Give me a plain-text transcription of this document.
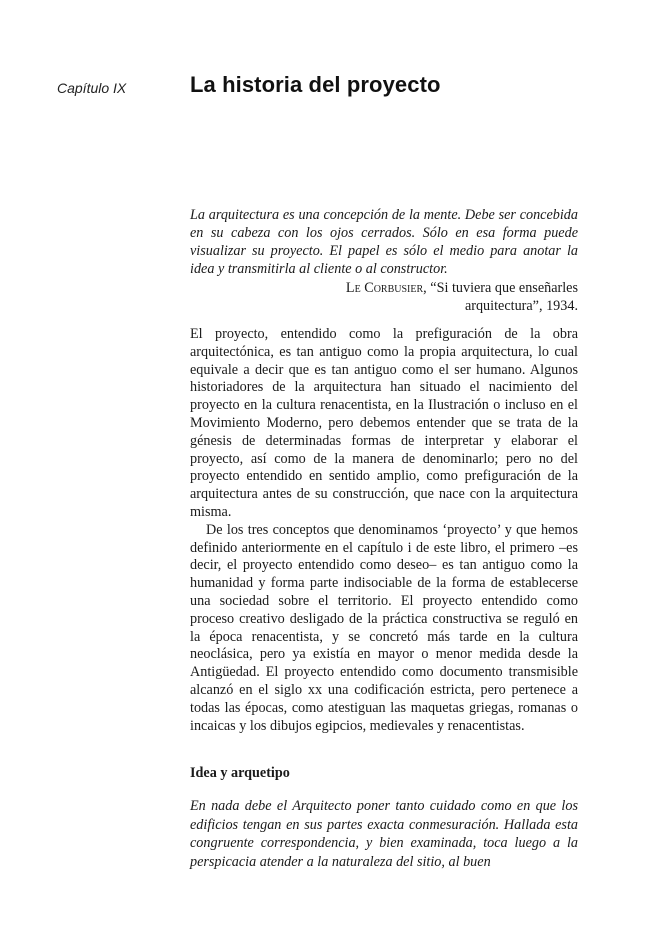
Capítulo IX	La historia del proyecto

La arquitectura es una concepción de la mente. Debe ser concebida en su cabeza con los ojos cerrados. Sólo en esa forma puede visualizar su proyecto. El papel es sólo el medio para anotar la idea y transmitirla al cliente o al constructor.

Le Corbusier, “Si tuviera que enseñarles
arquitectura”, 1934.

El proyecto, entendido como la prefiguración de la obra arquitectónica, es tan antiguo como la propia arquitectura, lo cual equivale a decir que es tan antiguo como el ser humano. Algunos historiadores de la arquitectura han situado el nacimiento del proyecto en la cultura renacentista, en la Ilustración o incluso en el Movimiento Moderno, pero debemos entender que se trata de la génesis de determinadas formas de interpretar y elaborar el proyecto, así como de la manera de denominarlo; pero no del proyecto entendido en sentido amplio, como prefiguración de la arquitectura antes de su construcción, que nace con la arquitectura misma.

De los tres conceptos que denominamos ‘proyecto’ y que hemos definido anteriormente en el capítulo i de este libro, el primero –es decir, el proyecto entendido como deseo– es tan antiguo como la humanidad y forma parte indisociable de la forma de establecerse una sociedad sobre el territorio. El proyecto entendido como proceso creativo desligado de la práctica constructiva se reguló en la época renacentista, y se concretó más tarde en la cultura neoclásica, pero ya existía en mayor o menor medida desde la Antigüedad. El proyecto entendido como documento transmisible alcanzó en el siglo xx una codificación estricta, pero pertenece a todas las épocas, como atestiguan las maquetas griegas, romanas o incaicas y los dibujos egipcios, medievales y renacentistas.

Idea y arquetipo

En nada debe el Arquitecto poner tanto cuidado como en que los edificios tengan en sus partes exacta conmesuración. Hallada esta congruente correspondencia, y bien examinada, toca luego a la perspicacia atender a la naturaleza del sitio, al buen
